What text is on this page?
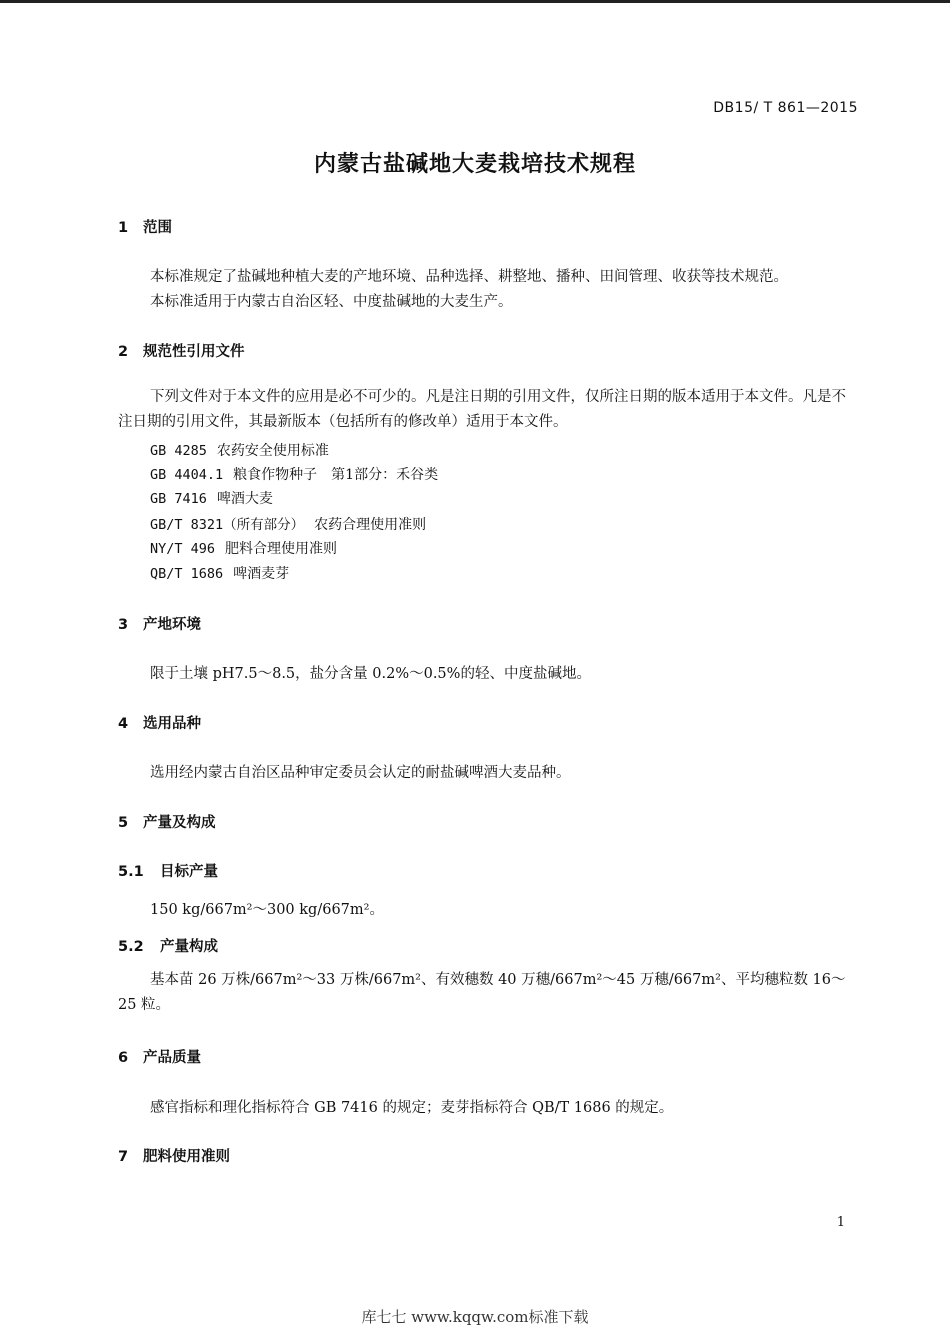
DB15/ T 861—2015
内蒙古盐碱地大麦栽培技术规程
1 范围
本标准规定了盐碱地种植大麦的产地环境、品种选择、耕整地、播种、田间管理、收获等技术规范。
本标准适用于内蒙古自治区轻、中度盐碱地的大麦生产。
2 规范性引用文件
下列文件对于本文件的应用是必不可少的。凡是注日期的引用文件，仅所注日期的版本适用于本文件。凡是不注日期的引用文件，其最新版本（包括所有的修改单）适用于本文件。
GB 4285 农药安全使用标准
GB 4404.1 粮食作物种子　第1部分：禾谷类
GB 7416 啤酒大麦
GB/T 8321（所有部分） 农药合理使用准则
NY/T 496 肥料合理使用准则
QB/T 1686 啤酒麦芽
3 产地环境
限于土壤 pH7.5～8.5，盐分含量 0.2%～0.5%的轻、中度盐碱地。
4 选用品种
选用经内蒙古自治区品种审定委员会认定的耐盐碱啤酒大麦品种。
5 产量及构成
5.1 目标产量
150 kg/667m²～300 kg/667m²。
5.2 产量构成
基本苗 26 万株/667m²～33 万株/667m²、有效穗数 40 万穗/667m²～45 万穗/667m²、平均穗粒数 16～25 粒。
6 产品质量
感官指标和理化指标符合 GB 7416 的规定；麦芽指标符合 QB/T 1686 的规定。
7 肥料使用准则
1
库七七 www.kqqw.com标准下载
